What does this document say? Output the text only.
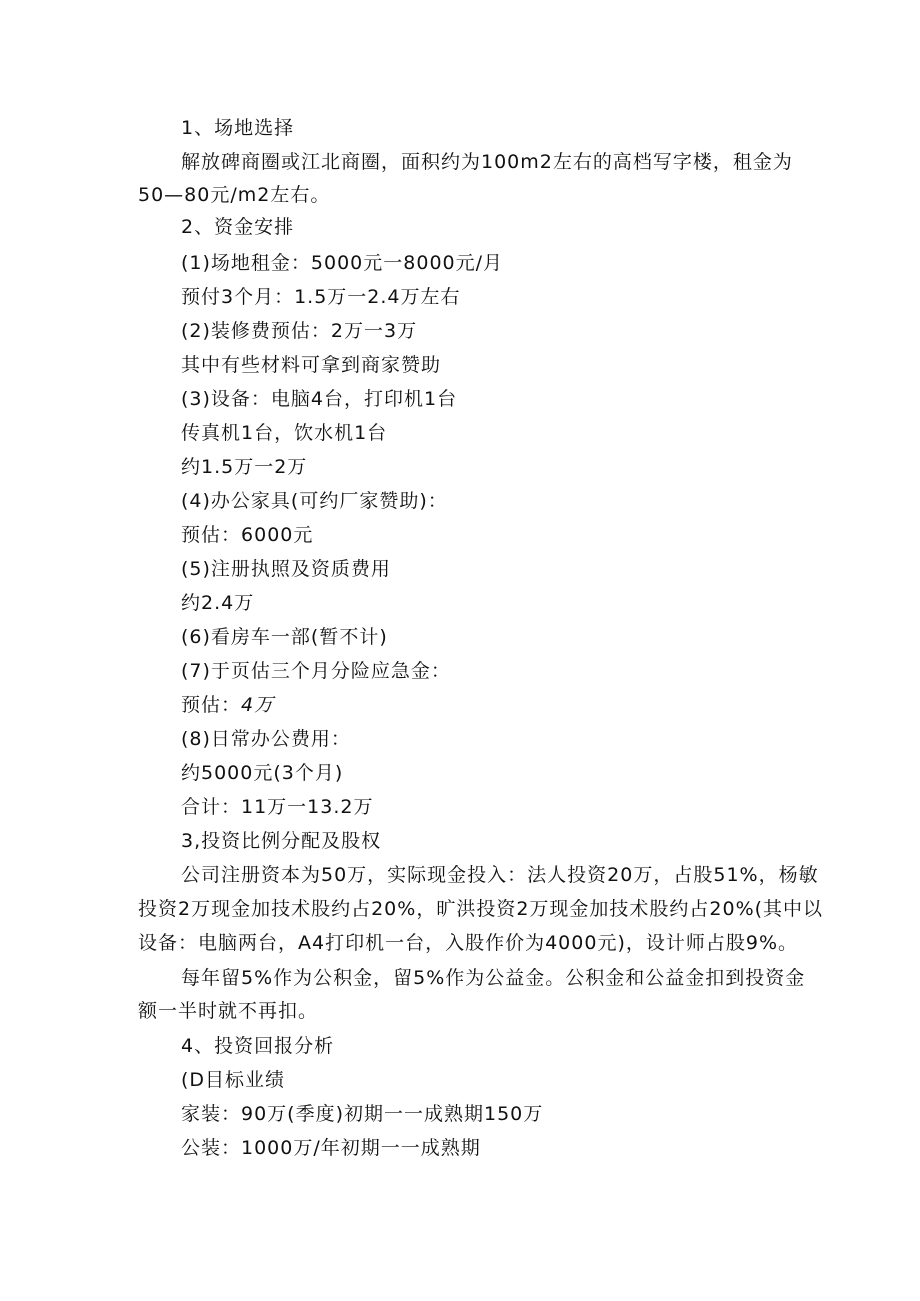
1、场地选择
解放碑商圈或江北商圈，面积约为100m2左右的高档写字楼，租金为
50—80元/m2左右。
2、资金安排
(1)场地租金：5000元一8000元/月
预付3个月：1.5万一2.4万左右
(2)装修费预估：2万一3万
其中有些材料可拿到商家赞助
(3)设备：电脑4台，打印机1台
传真机1台，饮水机1台
约1.5万一2万
(4)办公家具(可约厂家赞助)：
预估：6000元
(5)注册执照及资质费用
约2.4万
(6)看房车一部(暂不计)
(7)于页估三个月分险应急金：
预估：4万
(8)日常办公费用：
约5000元(3个月)
合计：11万一13.2万
3,投资比例分配及股权
公司注册资本为50万，实际现金投入：法人投资20万，占股51%，杨敏
投资2万现金加技术股约占20%，旷洪投资2万现金加技术股约占20%(其中以
设备：电脑两台，A4打印机一台，入股作价为4000元)，设计师占股9%。
每年留5%作为公积金，留5%作为公益金。公积金和公益金扣到投资金
额一半时就不再扣。
4、投资回报分析
(D目标业绩
家装：90万(季度)初期一一成熟期150万
公装：1000万/年初期一一成熟期
